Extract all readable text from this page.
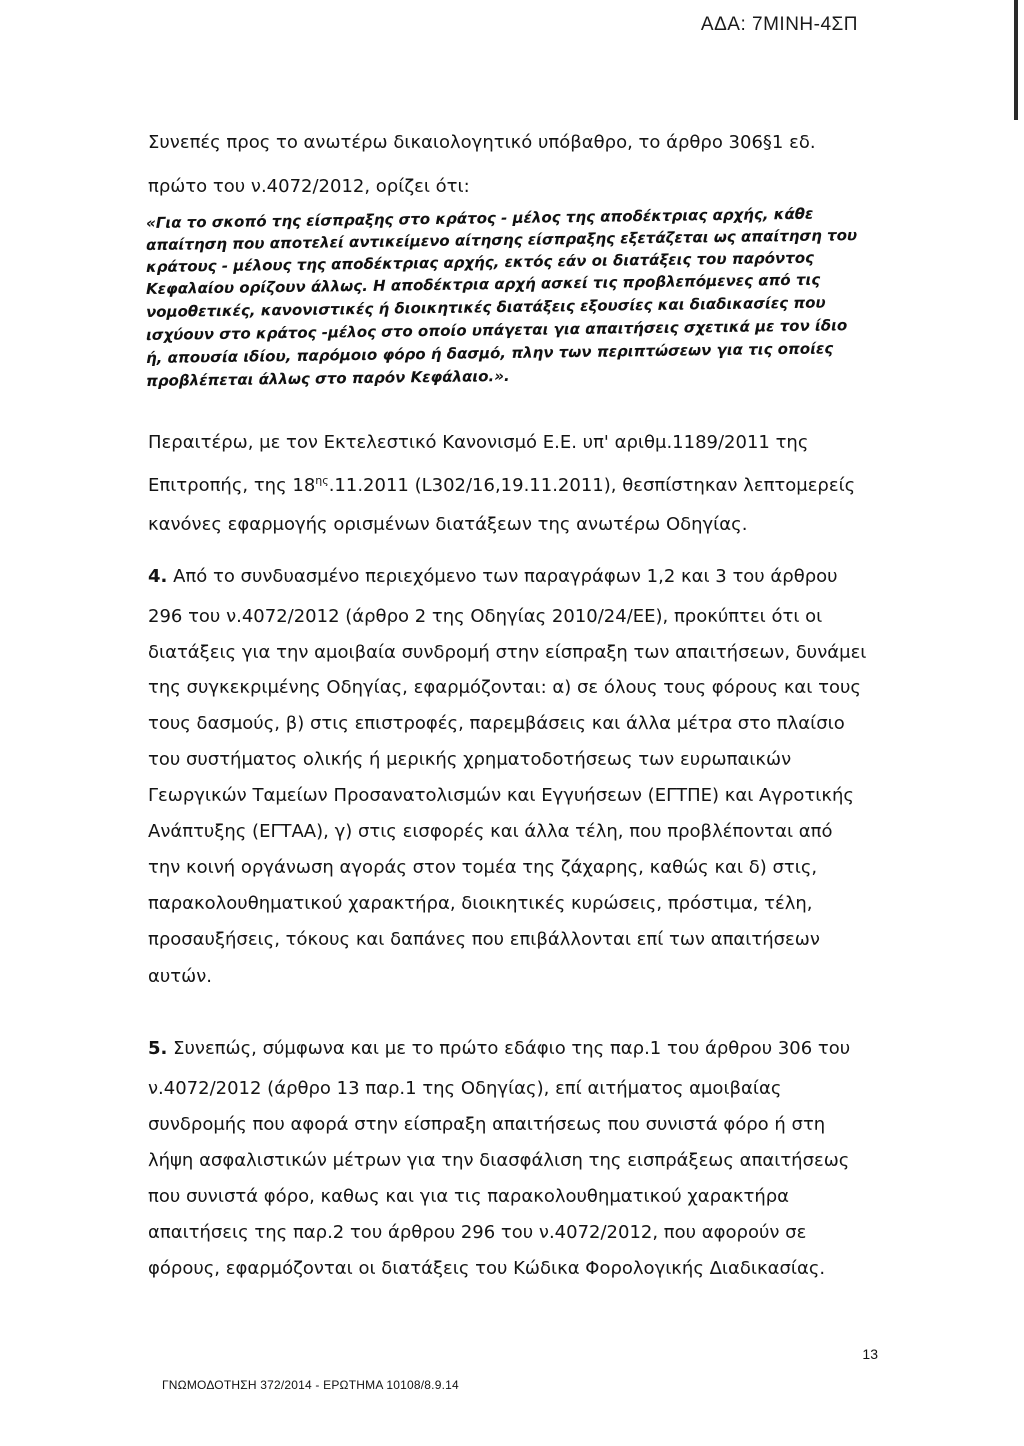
ΑΔΑ: 7ΜΙΝΗ-4ΣΠ

Συνεπές προς το ανωτέρω δικαιολογητικό υπόβαθρο, το άρθρο 306§1 εδ.

πρώτο του ν.4072/2012, ορίζει ότι:

«Για το σκοπό της είσπραξης στο κράτος - μέλος της αποδέκτριας αρχής, κάθε

απαίτηση που αποτελεί αντικείμενο αίτησης είσπραξης εξετάζεται ως απαίτηση του

κράτους - μέλους της αποδέκτριας αρχής, εκτός εάν οι διατάξεις του παρόντος

Κεφαλαίου ορίζουν άλλως. Η αποδέκτρια αρχή ασκεί τις προβλεπόμενες από τις

νομοθετικές, κανονιστικές ή διοικητικές διατάξεις εξουσίες και διαδικασίες που

ισχύουν στο κράτος -μέλος στο οποίο υπάγεται για απαιτήσεις σχετικά με τον ίδιο

ή, απουσία ιδίου, παρόμοιο φόρο ή δασμό, πλην των περιπτώσεων για τις οποίες

προβλέπεται άλλως στο παρόν Κεφάλαιο.».

Περαιτέρω, με τον Εκτελεστικό Κανονισμό Ε.Ε. υπ' αριθμ.1189/2011 της

Επιτροπής, της $18^{\eta\varsigma}.11.2011$ (L302/16,19.11.2011), θεσπίστηκαν λεπτομερείς

κανόνες εφαρμογής ορισμένων διατάξεων της ανωτέρω Οδηγίας.

4. Από το συνδυασμένο περιεχόμενο των παραγράφων 1,2 και 3 του άρθρου

296 του ν.4072/2012 (άρθρο 2 της Οδηγίας 2010/24/ΕΕ), προκύπτει ότι οι

διατάξεις για την αμοιβαία συνδρομή στην είσπραξη των απαιτήσεων, δυνάμει

της συγκεκριμένης Οδηγίας, εφαρμόζονται: α) σε όλους τους φόρους και τους

τους δασμούς, β) στις επιστροφές, παρεμβάσεις και άλλα μέτρα στο πλαίσιο

του συστήματος ολικής ή μερικής χρηματοδοτήσεως των ευρωπαικών

Γεωργικών Ταμείων Προσανατολισμών και Εγγυήσεων (ΕΓΤΠΕ) και Αγροτικής

Ανάπτυξης (ΕΓΤΑΑ), γ) στις εισφορές και άλλα τέλη, που προβλέπονται από

την κοινή οργάνωση αγοράς στον τομέα της ζάχαρης, καθώς και δ) στις,

παρακολουθηματικού χαρακτήρα, διοικητικές κυρώσεις, πρόστιμα, τέλη,

προσαυξήσεις, τόκους και δαπάνες που επιβάλλονται επί των απαιτήσεων

αυτών.

5. Συνεπώς, σύμφωνα και με το πρώτο εδάφιο της παρ.1 του άρθρου 306 του

ν.4072/2012 (άρθρο 13 παρ.1 της Οδηγίας), επί αιτήματος αμοιβαίας

συνδρομής που αφορά στην είσπραξη απαιτήσεως που συνιστά φόρο ή στη

λήψη ασφαλιστικών μέτρων για την διασφάλιση της εισπράξεως απαιτήσεως

που συνιστά φόρο, καθως και για τις παρακολουθηματικού χαρακτήρα

απαιτήσεις της παρ.2 του άρθρου 296 του ν.4072/2012, που αφορούν σε

φόρους, εφαρμόζονται οι διατάξεις του Κώδικα Φορολογικής Διαδικασίας.

13
ΓΝΩΜΟΔΟΤΗΣΗ 372/2014 - ΕΡΩΤΗΜΑ 10108/8.9.14
